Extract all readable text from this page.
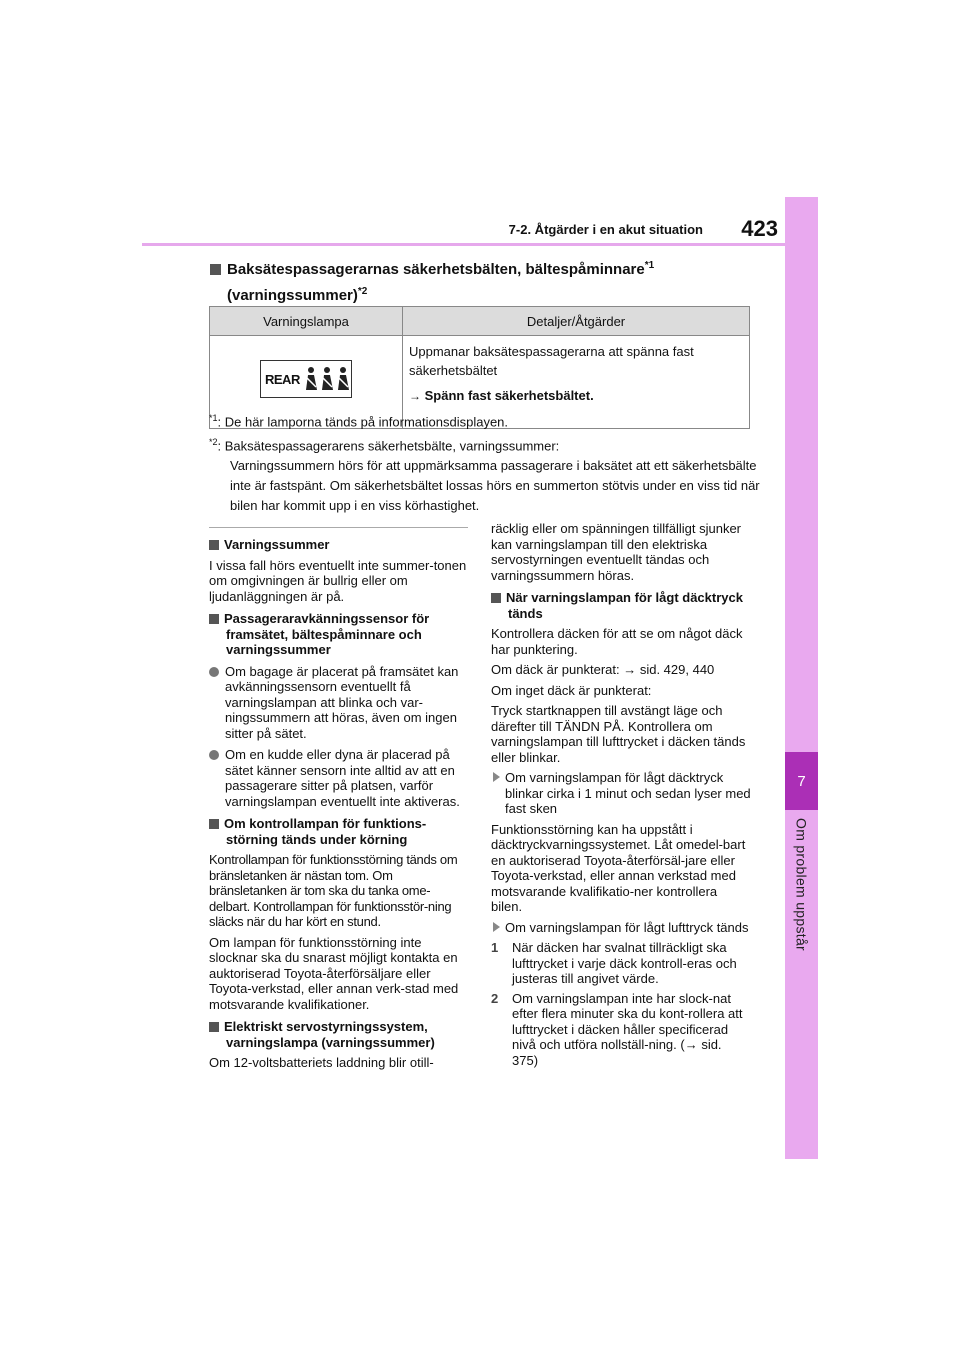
7
Om problem uppstår
7-2. Åtgärder i en akut situation	423
Baksätespassagerarnas säkerhetsbälten, bältespåminnare$^{*1}$
(varningssummer)$^{*2}$
Varningslampa	Detaljer/Åtgärder

REAR	Uppmanar baksätespassagerarna att spänna fast säkerhetsbältet
→ Spänn fast säkerhetsbältet.
$^{*1}$: De här lamporna tänds på informationsdisplayen.
$^{*2}$: Baksätespassagerarens säkerhetsbälte, varningssummer:
Varningssummern hörs för att uppmärksamma passagerare i baksätet att ett säkerhetsbälte inte är fastspänt. Om säkerhetsbältet lossas hörs en summerton stötvis under en viss tid när bilen har kommit upp i en viss körhastighet.

Varningssummer

I vissa fall hörs eventuellt inte summer-tonen om omgivningen är bullrig eller om ljudanläggningen är på.

Passageraravkänningssensor för framsätet, bältespåminnare och varningssummer

Om bagage är placerat på framsätet kan avkänningssensorn eventuellt få varningslampan att blinka och var-ningssummern att höras, även om ingen sitter på sätet.
Om en kudde eller dyna är placerad på sätet känner sensorn inte alltid av att en passagerare sitter på platsen, varför varningslampan eventuellt inte aktiveras.

Om kontrollampan för funktions-störning tänds under körning

Kontrollampan för funktionsstörning tänds om bränsletanken är nästan tom. Om bränsletanken är tom ska du tanka ome-delbart. Kontrollampan för funktionsstör-ning släcks när du har kört en stund.

Om lampan för funktionsstörning inte slocknar ska du snarast möjligt kontakta en auktoriserad Toyota-återförsäljare eller Toyota-verkstad, eller annan verk-stad med motsvarande kvalifikationer.

Elektriskt servostyrningssystem, varningslampa (varningssummer)

Om 12-voltsbatteriets laddning blir otill-

räcklig eller om spänningen tillfälligt sjunker kan varningslampan till den elektriska servostyrningen eventuellt tändas och varningssummern höras.

När varningslampan för lågt däcktryck tänds

Kontrollera däcken för att se om något däck har punktering.

Om däck är punkterat: → sid. 429, 440

Om inget däck är punkterat:

Tryck startknappen till avstängt läge och därefter till TÄNDN PÅ. Kontrollera om varningslampan till lufttrycket i däcken tänds eller blinkar.

Om varningslampan för lågt däcktryck blinkar cirka i 1 minut och sedan lyser med fast sken

Funktionsstörning kan ha uppstått i däcktryckvarningssystemet. Låt omedel-bart en auktoriserad Toyota-återförsäl-jare eller Toyota-verkstad, eller annan verkstad med motsvarande kvalifikatio-ner kontrollera bilen.

Om varningslampan för lågt lufttryck tänds
1 När däcken har svalnat tillräckligt ska lufttrycket i varje däck kontroll-eras och justeras till angivet värde.
2 Om varningslampan inte har slock-nat efter flera minuter ska du kont-rollera att lufttrycket i däcken håller specificerad nivå och utföra nollställ-ning. (→ sid. 375)
